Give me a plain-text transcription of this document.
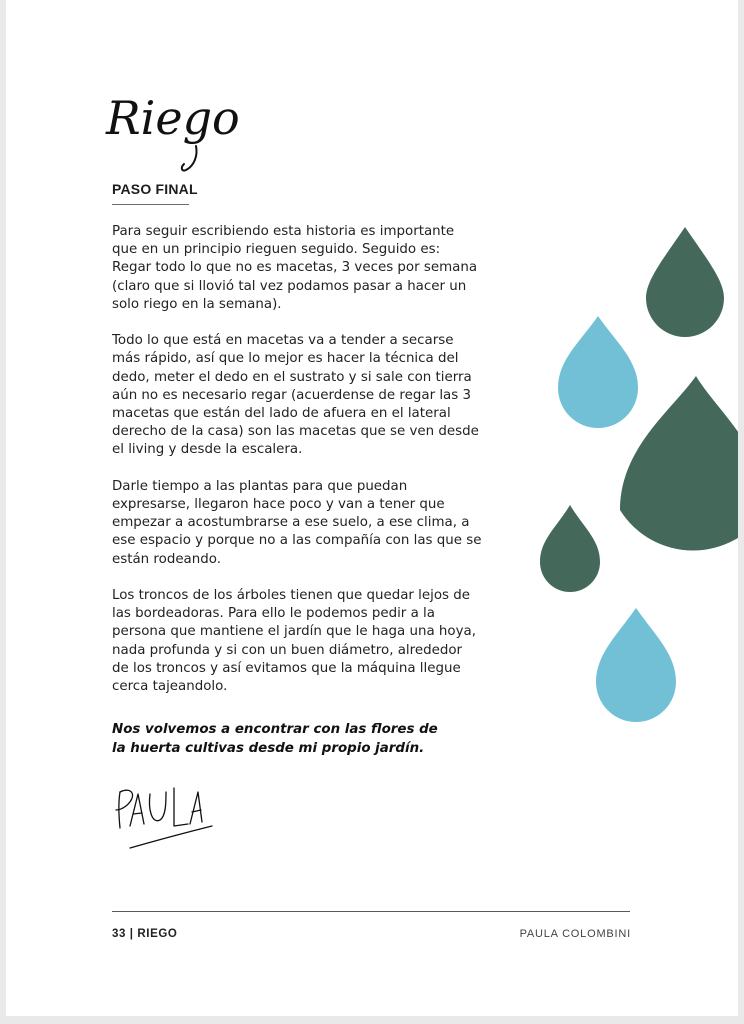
Riego
PASO FINAL

Para seguir escribiendo esta historia es importante que en un principio rieguen seguido. Seguido es: Regar todo lo que no es macetas, 3 veces por semana (claro que si llovió tal vez podamos pasar a hacer un solo riego en la semana).

Todo lo que está en macetas va a tender a secarse más rápido, así que lo mejor es hacer la técnica del dedo, meter el dedo en el sustrato y si sale con tierra aún no es necesario regar (acuerdense de regar las 3 macetas que están del lado de afuera en el lateral derecho de la casa) son las macetas que se ven desde el living y desde la escalera.

Darle tiempo a las plantas para que puedan expresarse, llegaron hace poco y van a tener que empezar a acostumbrarse a ese suelo, a ese clima, a ese espacio y porque no a las compañía con las que se están rodeando.

Los troncos de los árboles tienen que quedar lejos de las bordeadoras. Para ello le podemos pedir a la persona que mantiene el jardín que le haga una hoya, nada profunda y si con un buen diámetro, alrededor de los troncos y así evitamos que la máquina llegue cerca tajeandolo.

Nos volvemos a encontrar con las flores de
la huerta cultivas desde mi propio jardín.
33 | RIEGO	PAULA COLOMBINI
